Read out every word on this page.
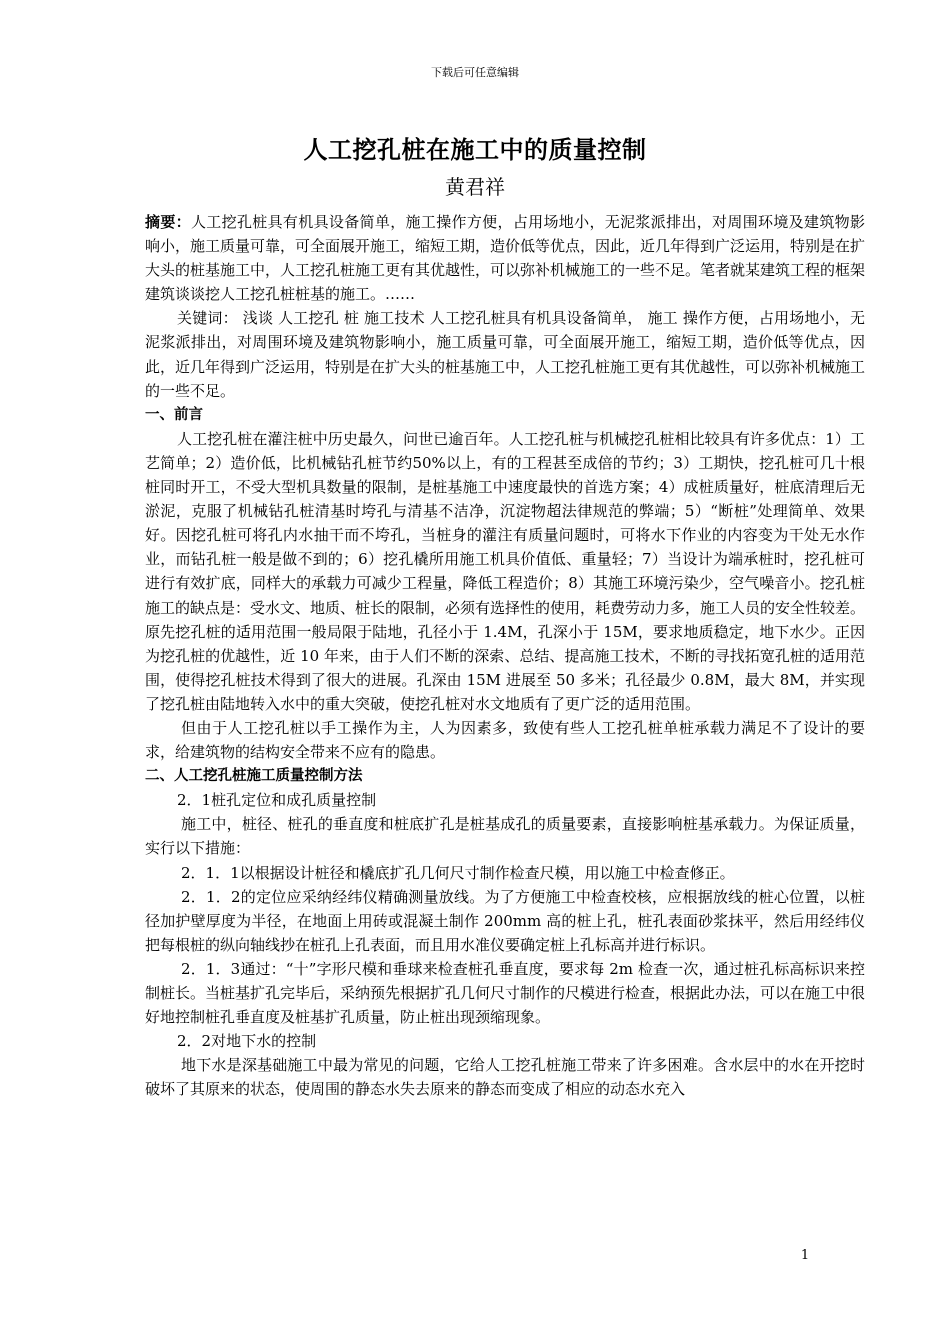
下载后可任意编辑
人工挖孔桩在施工中的质量控制
黄君祥

摘要：人工挖孔桩具有机具设备简单，施工操作方便，占用场地小，无泥浆派排出，对周围环境及建筑物影响小，施工质量可靠，可全面展开施工，缩短工期，造价低等优点，因此，近几年得到广泛运用，特别是在扩大头的桩基施工中，人工挖孔桩施工更有其优越性，可以弥补机械施工的一些不足。笔者就某建筑工程的框架建筑谈谈挖人工挖孔桩桩基的施工。……

关键词： 浅谈 人工挖孔 桩 施工技术 人工挖孔桩具有机具设备简单， 施工 操作方便，占用场地小，无泥浆派排出，对周围环境及建筑物影响小，施工质量可靠，可全面展开施工，缩短工期，造价低等优点，因此，近几年得到广泛运用，特别是在扩大头的桩基施工中，人工挖孔桩施工更有其优越性，可以弥补机械施工的一些不足。

一、前言

人工挖孔桩在灌注桩中历史最久，问世已逾百年。人工挖孔桩与机械挖孔桩相比较具有许多优点：1）工艺简单；2）造价低，比机械钻孔桩节约50%以上，有的工程甚至成倍的节约；3）工期快，挖孔桩可几十根桩同时开工，不受大型机具数量的限制，是桩基施工中速度最快的首选方案；4）成桩质量好，桩底清理后无淤泥，克服了机械钻孔桩清基时垮孔与清基不洁净，沉淀物超法律规范的弊端；5）“断桩”处理简单、效果好。因挖孔桩可将孔内水抽干而不垮孔，当桩身的灌注有质量问题时，可将水下作业的内容变为干处无水作业，而钻孔桩一般是做不到的；6）挖孔橇所用施工机具价值低、重量轻；7）当设计为端承桩时，挖孔桩可进行有效扩底，同样大的承载力可减少工程量，降低工程造价；8）其施工环境污染少，空气噪音小。挖孔桩施工的缺点是：受水文、地质、桩长的限制，必须有选择性的使用，耗费劳动力多，施工人员的安全性较差。原先挖孔桩的适用范围一般局限于陆地，孔径小于 1.4M，孔深小于 15M，要求地质稳定，地下水少。正因为挖孔桩的优越性，近 10 年来，由于人们不断的深索、总结、提高施工技术，不断的寻找拓宽孔桩的适用范围，使得挖孔桩技术得到了很大的进展。孔深由 15M 进展至 50 多米；孔径最少 0.8M，最大 8M，并实现了挖孔桩由陆地转入水中的重大突破，使挖孔桩对水文地质有了更广泛的适用范围。

但由于人工挖孔桩以手工操作为主，人为因素多，致使有些人工挖孔桩单桩承载力满足不了设计的要求，给建筑物的结构安全带来不应有的隐患。

二、人工挖孔桩施工质量控制方法

2．1桩孔定位和成孔质量控制

施工中，桩径、桩孔的垂直度和桩底扩孔是桩基成孔的质量要素，直接影响桩基承载力。为保证质量，实行以下措施：

2．1．1以根据设计桩径和橇底扩孔几何尺寸制作检查尺模，用以施工中检查修正。

2．1．2的定位应采纳经纬仪精确测量放线。为了方便施工中检查校核，应根据放线的桩心位置，以桩径加护壁厚度为半径，在地面上用砖或混凝土制作 200mm 高的桩上孔，桩孔表面砂浆抹平，然后用经纬仪把每根桩的纵向轴线抄在桩孔上孔表面，而且用水准仪要确定桩上孔标高并进行标识。

2．1．3通过：“十”字形尺模和垂球来检查桩孔垂直度，要求每 2m 检查一次，通过桩孔标高标识来控制桩长。当桩基扩孔完毕后，采纳预先根据扩孔几何尺寸制作的尺模进行检查，根据此办法，可以在施工中很好地控制桩孔垂直度及桩基扩孔质量，防止桩出现颈缩现象。

2．2对地下水的控制

地下水是深基础施工中最为常见的问题，它给人工挖孔桩施工带来了许多困难。含水层中的水在开挖时破坏了其原来的状态，使周围的静态水失去原来的静态而变成了相应的动态水充入

1
